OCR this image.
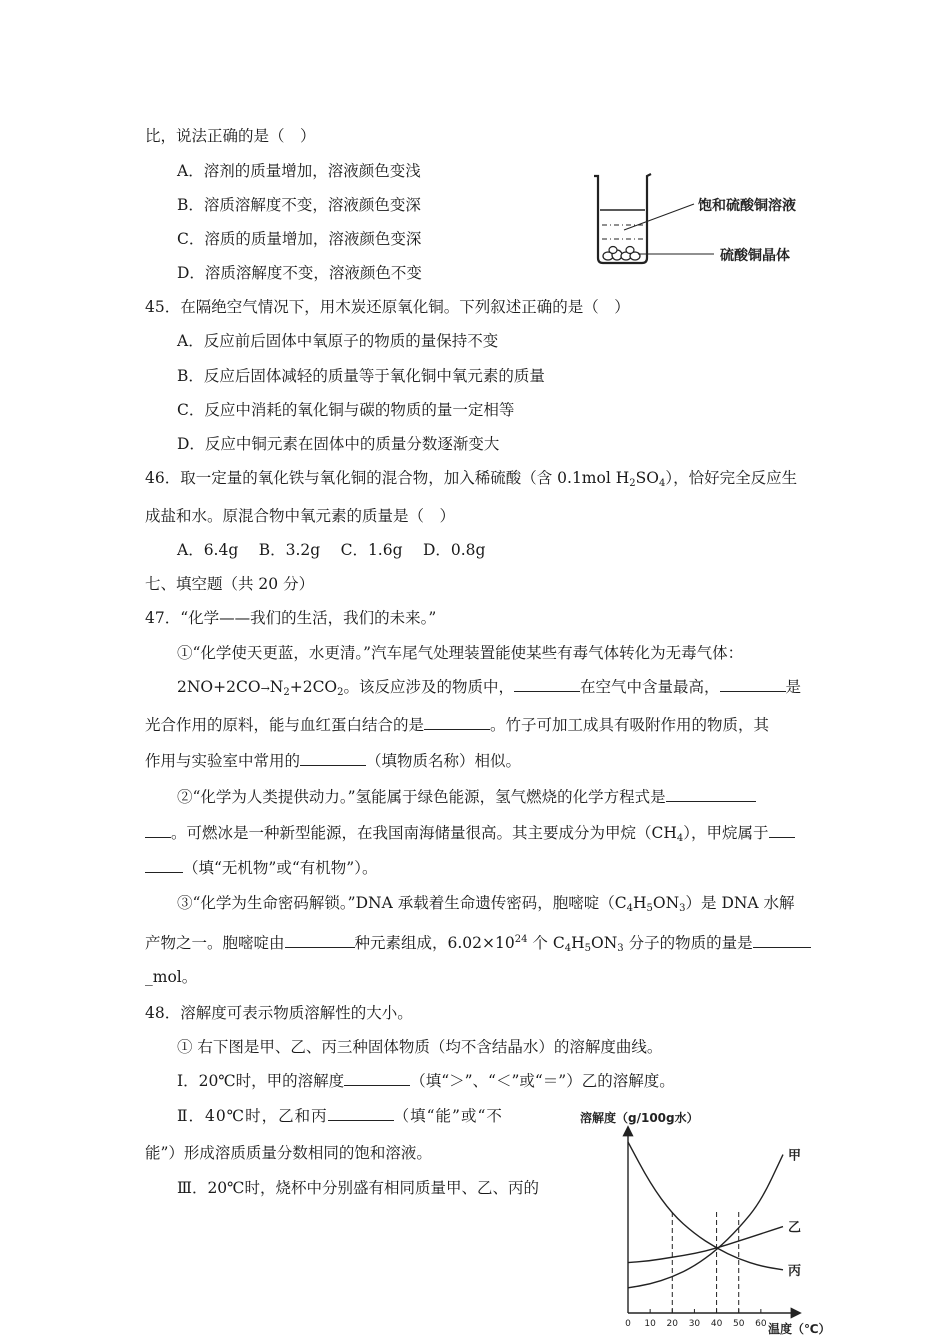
比，说法正确的是（　）
A．溶剂的质量增加，溶液颜色变浅
B．溶质溶解度不变，溶液颜色变深
C．溶质的质量增加，溶液颜色变深
D．溶质溶解度不变，溶液颜色不变
饱和硫酸铜溶液
硫酸铜晶体
45．在隔绝空气情况下，用木炭还原氧化铜。下列叙述正确的是（　）
A．反应前后固体中氧原子的物质的量保持不变
B．反应后固体减轻的质量等于氧化铜中氧元素的质量
C．反应中消耗的氧化铜与碳的物质的量一定相等
D．反应中铜元素在固体中的质量分数逐渐变大
46．取一定量的氧化铁与氧化铜的混合物，加入稀硫酸（含 0.1mol $H_2SO_4$），恰好完全反应生
成盐和水。原混合物中氧元素的质量是（　）
A．6.4g　 B．3.2g　 C．1.6g　 D．0.8g
七、填空题（共 20 分）
47．“化学——我们的生活，我们的未来。”
①“化学使天更蓝，水更清。”汽车尾气处理装置能使某些有毒气体转化为无毒气体：
$2NO+2CO\to N_2+2CO_2$。该反应涉及的物质中，	在空气中含量最高，	是
光合作用的原料，能与血红蛋白结合的是	。竹子可加工成具有吸附作用的物质，其
作用与实验室中常用的	（填物质名称）相似。
②“化学为人类提供动力。”氢能属于绿色能源，氢气燃烧的化学方程式是
。可燃冰是一种新型能源，在我国南海储量很高。其主要成分为甲烷$(CH_4)$，甲烷属于
（填“无机物”或“有机物”）。
③“化学为生命密码解锁。”DNA 承载着生命遗传密码，胞嘧啶$(C_4H_5ON_3)$是 DNA 水解
产物之一。胞嘧啶由	种元素组成，$6.02\times 10^{24}$ 个 $C_4H_5ON_3$ 分子的物质的量是
_mol。
48．溶解度可表示物质溶解性的大小。
① 右下图是甲、乙、丙三种固体物质（均不含结晶水）的溶解度曲线。
Ⅰ．20℃时，甲的溶解度	（填“＞”、“＜”或“＝”）乙的溶解度。
Ⅱ．40℃时，乙和丙	（填“能”或“不
能”）形成溶质质量分数相同的饱和溶液。
Ⅲ．20℃时，烧杯中分别盛有相同质量甲、乙、丙的
溶解度（g/100g水）
温度（℃）
0 10 20 30 40 50 60
甲
乙
丙
